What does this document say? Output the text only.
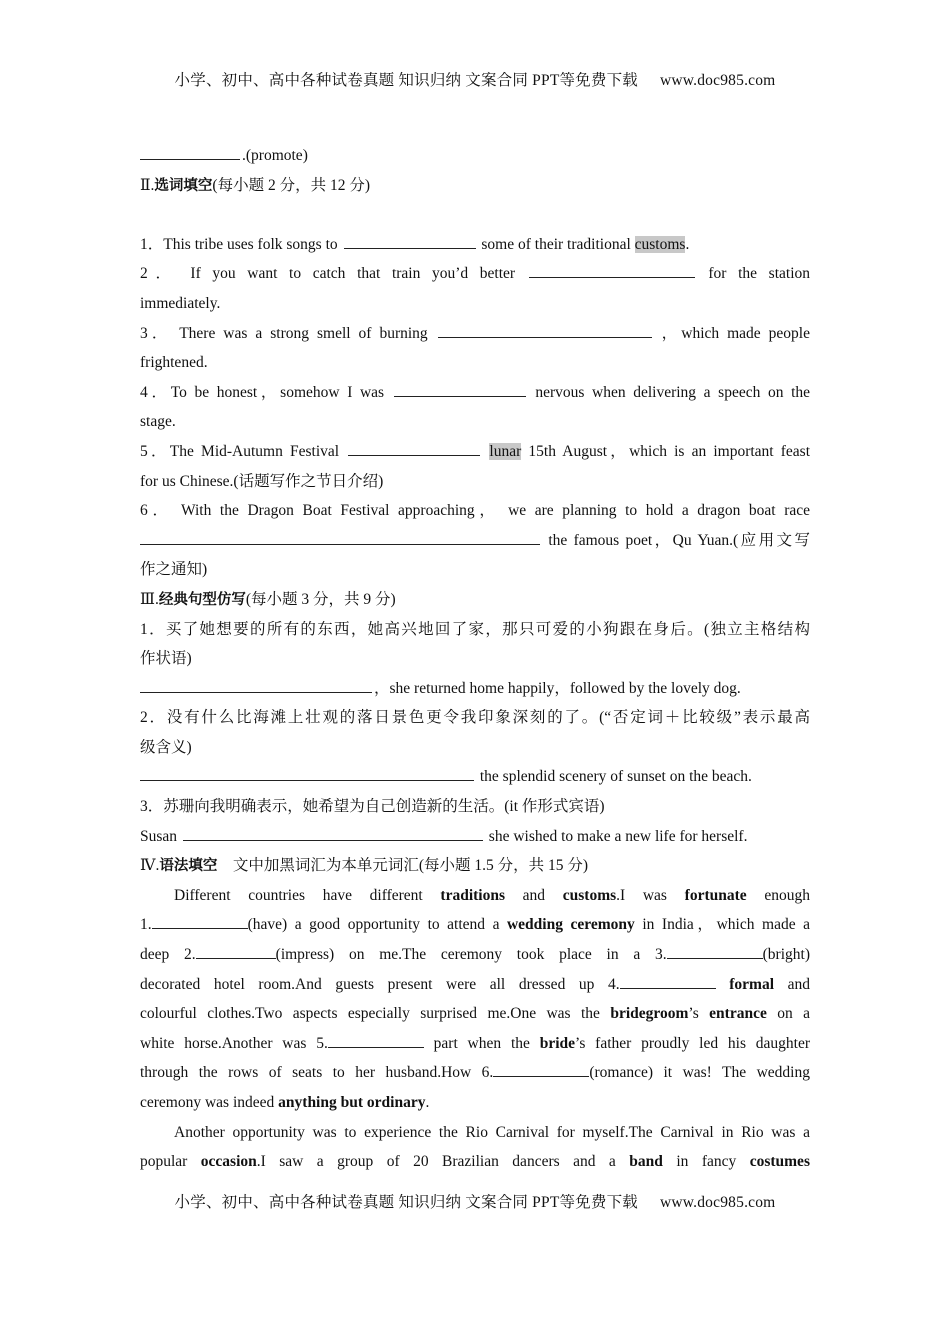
小学、初中、高中各种试卷真题 知识归纳 文案合同 PPT等免费下载 www.doc985.com
.(promote)
Ⅱ.选词填空(每小题 2 分，共 12 分)
1．This tribe uses folk songs to	some of their traditional customs.
2． If you want to catch that train you’d better	for the station
immediately.
3． There was a strong smell of burning	，which made people
frightened.
4．To be honest，somehow I was	nervous when delivering a speech on the
stage.
5．The Mid-Autumn Festival	lunar 15th August，which is an important feast
for us Chinese.(话题写作之节日介绍)
6． With the Dragon Boat Festival approaching， we are planning to hold a dragon boat race
the famous poet，Qu Yuan.(应用文写
作之通知)
Ⅲ.经典句型仿写(每小题 3 分，共 9 分)
1．买了她想要的所有的东西，她高兴地回了家，那只可爱的小狗跟在身后。(独立主格结构
作状语)
，she returned home happily，followed by the lovely dog.
2．没有什么比海滩上壮观的落日景色更令我印象深刻的了。(“否定词＋比较级”表示最高
级含义)
the splendid scenery of sunset on the beach.
3．苏珊向我明确表示，她希望为自己创造新的生活。(it 作形式宾语)
Susan	she wished to make a new life for herself.
Ⅳ.语法填空 文中加黑词汇为本单元词汇(每小题 1.5 分，共 15 分)
Different countries have different traditions and customs.I was fortunate enough
1.	(have) a good opportunity to attend a wedding ceremony in India，which made a
deep 2.	(impress) on me.The ceremony took place in a 3.	(bright)
decorated hotel room.And guests present were all dressed up 4.	formal and
colourful clothes.Two aspects especially surprised me.One was the bridegroom’s entrance on a
white horse.Another was 5.	part when the bride’s father proudly led his daughter
through the rows of seats to her husband.How 6.	(romance) it was! The wedding
ceremony was indeed anything but ordinary.
Another opportunity was to experience the Rio Carnival for myself.The Carnival in Rio was a
popular occasion.I saw a group of 20 Brazilian dancers and a band in fancy costumes
小学、初中、高中各种试卷真题 知识归纳 文案合同 PPT等免费下载 www.doc985.com
